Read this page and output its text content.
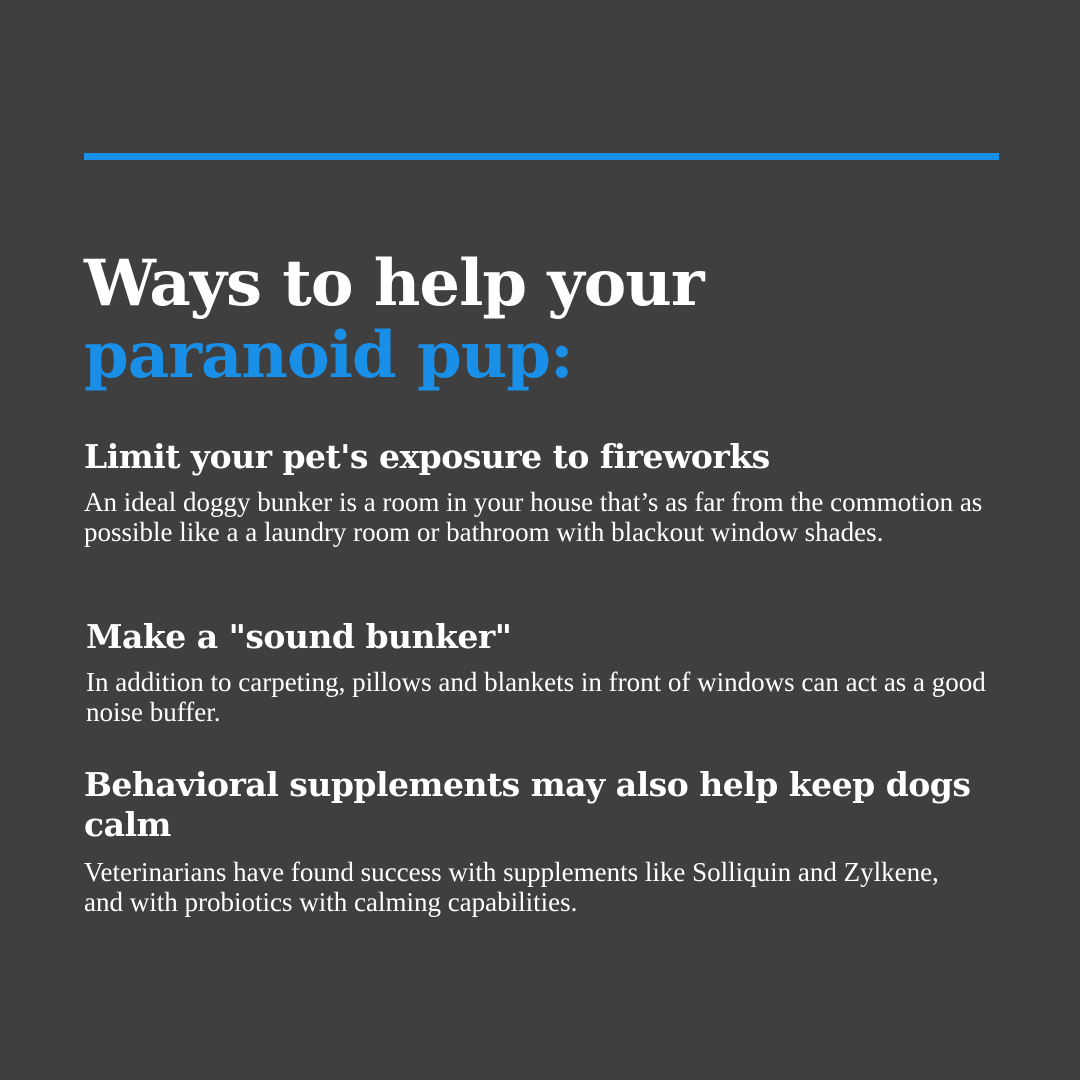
Ways to help your
paranoid pup:
Limit your pet's exposure to fireworks

An ideal doggy bunker is a room in your house that’s as far from the commotion as possible like a a laundry room or bathroom with blackout window shades.

Make a "sound bunker"

In addition to carpeting, pillows and blankets in front of windows can act as a good noise buffer.

Behavioral supplements may also help keep dogs calm

Veterinarians have found success with supplements like Solliquin and Zylkene, and with probiotics with calming capabilities.
